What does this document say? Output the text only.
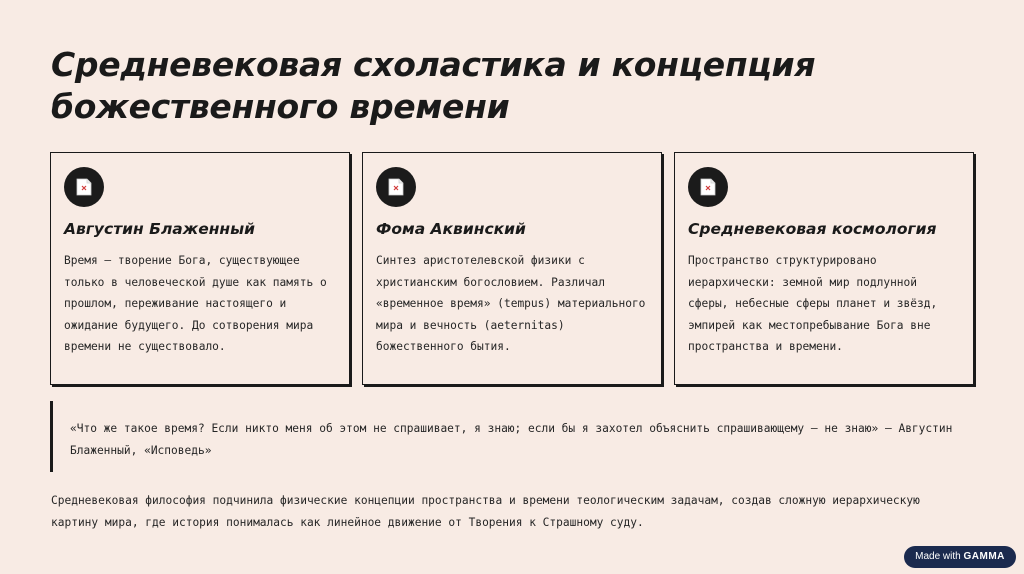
Средневековая схоластика и концепция божественного времени
Августин Блаженный
Время — творение Бога, существующее только в человеческой душе как память о прошлом, переживание настоящего и ожидание будущего. До сотворения мира времени не существовало.
Фома Аквинский
Синтез аристотелевской физики с христианским богословием. Различал «временное время» (tempus) материального мира и вечность (aeternitas) божественного бытия.
Средневековая космология
Пространство структурировано иерархически: земной мир подлунной сферы, небесные сферы планет и звёзд, эмпирей как местопребывание Бога вне пространства и времени.
«Что же такое время? Если никто меня об этом не спрашивает, я знаю; если бы я захотел объяснить спрашивающему — не знаю» — Августин Блаженный, «Исповедь»
Средневековая философия подчинила физические концепции пространства и времени теологическим задачам, создав сложную иерархическую картину мира, где история понималась как линейное движение от Творения к Страшному суду.
Made with GAMMA
